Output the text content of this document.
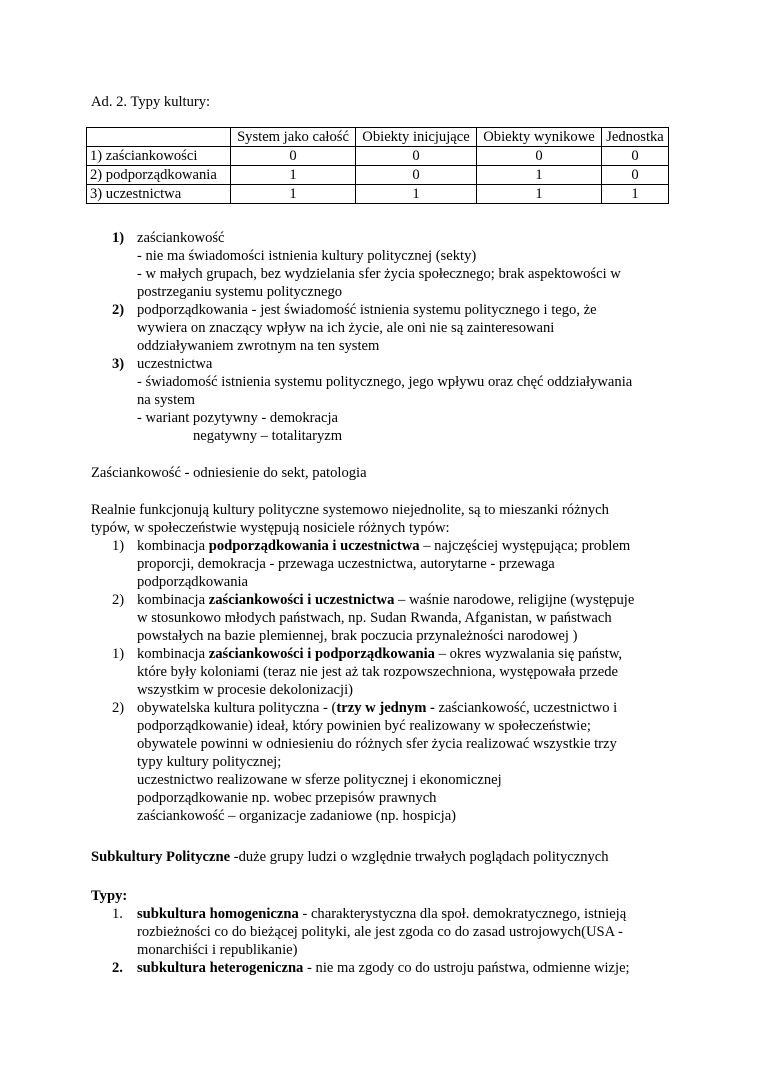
Ad. 2. Typy kultury:
	System jako całość	Obiekty inicjujące	Obiekty wynikowe	Jednostka
1) zaściankowości	0	0	0	0
2) podporządkowania	1	0	1	0
3) uczestnictwa	1	1	1	1
1) zaściankowość
- nie ma świadomości istnienia kultury politycznej (sekty)
- w małych grupach, bez wydzielania sfer życia społecznego; brak aspektowości w
postrzeganiu systemu politycznego
2) podporządkowania - jest świadomość istnienia systemu politycznego i tego, że
wywiera on znaczący wpływ na ich życie, ale oni nie są zainteresowani
oddziaływaniem zwrotnym na ten system
3) uczestnictwa
- świadomość istnienia systemu politycznego, jego wpływu oraz chęć oddziaływania
na system
- wariant pozytywny - demokracja
negatywny – totalitaryzm
Zaściankowość - odniesienie do sekt, patologia
Realnie funkcjonują kultury polityczne systemowo niejednolite, są to mieszanki różnych
typów, w społeczeństwie występują nosiciele różnych typów:
1) kombinacja podporządkowania i uczestnictwa – najczęściej występująca; problem
proporcji, demokracja - przewaga uczestnictwa, autorytarne - przewaga
podporządkowania
2) kombinacja zaściankowości i uczestnictwa – waśnie narodowe, religijne (występuje
w stosunkowo młodych państwach, np. Sudan Rwanda, Afganistan, w państwach
powstałych na bazie plemiennej, brak poczucia przynależności narodowej )
1) kombinacja zaściankowości i podporządkowania – okres wyzwalania się państw,
które były koloniami (teraz nie jest aż tak rozpowszechniona, występowała przede
wszystkim w procesie dekolonizacji)
2) obywatelska kultura polityczna - (trzy w jednym - zaściankowość, uczestnictwo i
podporządkowanie) ideał, który powinien być realizowany w społeczeństwie;
obywatele powinni w odniesieniu do różnych sfer życia realizować wszystkie trzy
typy kultury politycznej;
uczestnictwo realizowane w sferze politycznej i ekonomicznej
podporządkowanie np. wobec przepisów prawnych
zaściankowość – organizacje zadaniowe (np. hospicja)
Subkultury Polityczne -duże grupy ludzi o względnie trwałych poglądach politycznych
Typy:
1. subkultura homogeniczna - charakterystyczna dla społ. demokratycznego, istnieją
rozbieżności co do bieżącej polityki, ale jest zgoda co do zasad ustrojowych(USA -
monarchiści i republikanie)
2. subkultura heterogeniczna - nie ma zgody co do ustroju państwa, odmienne wizje;
